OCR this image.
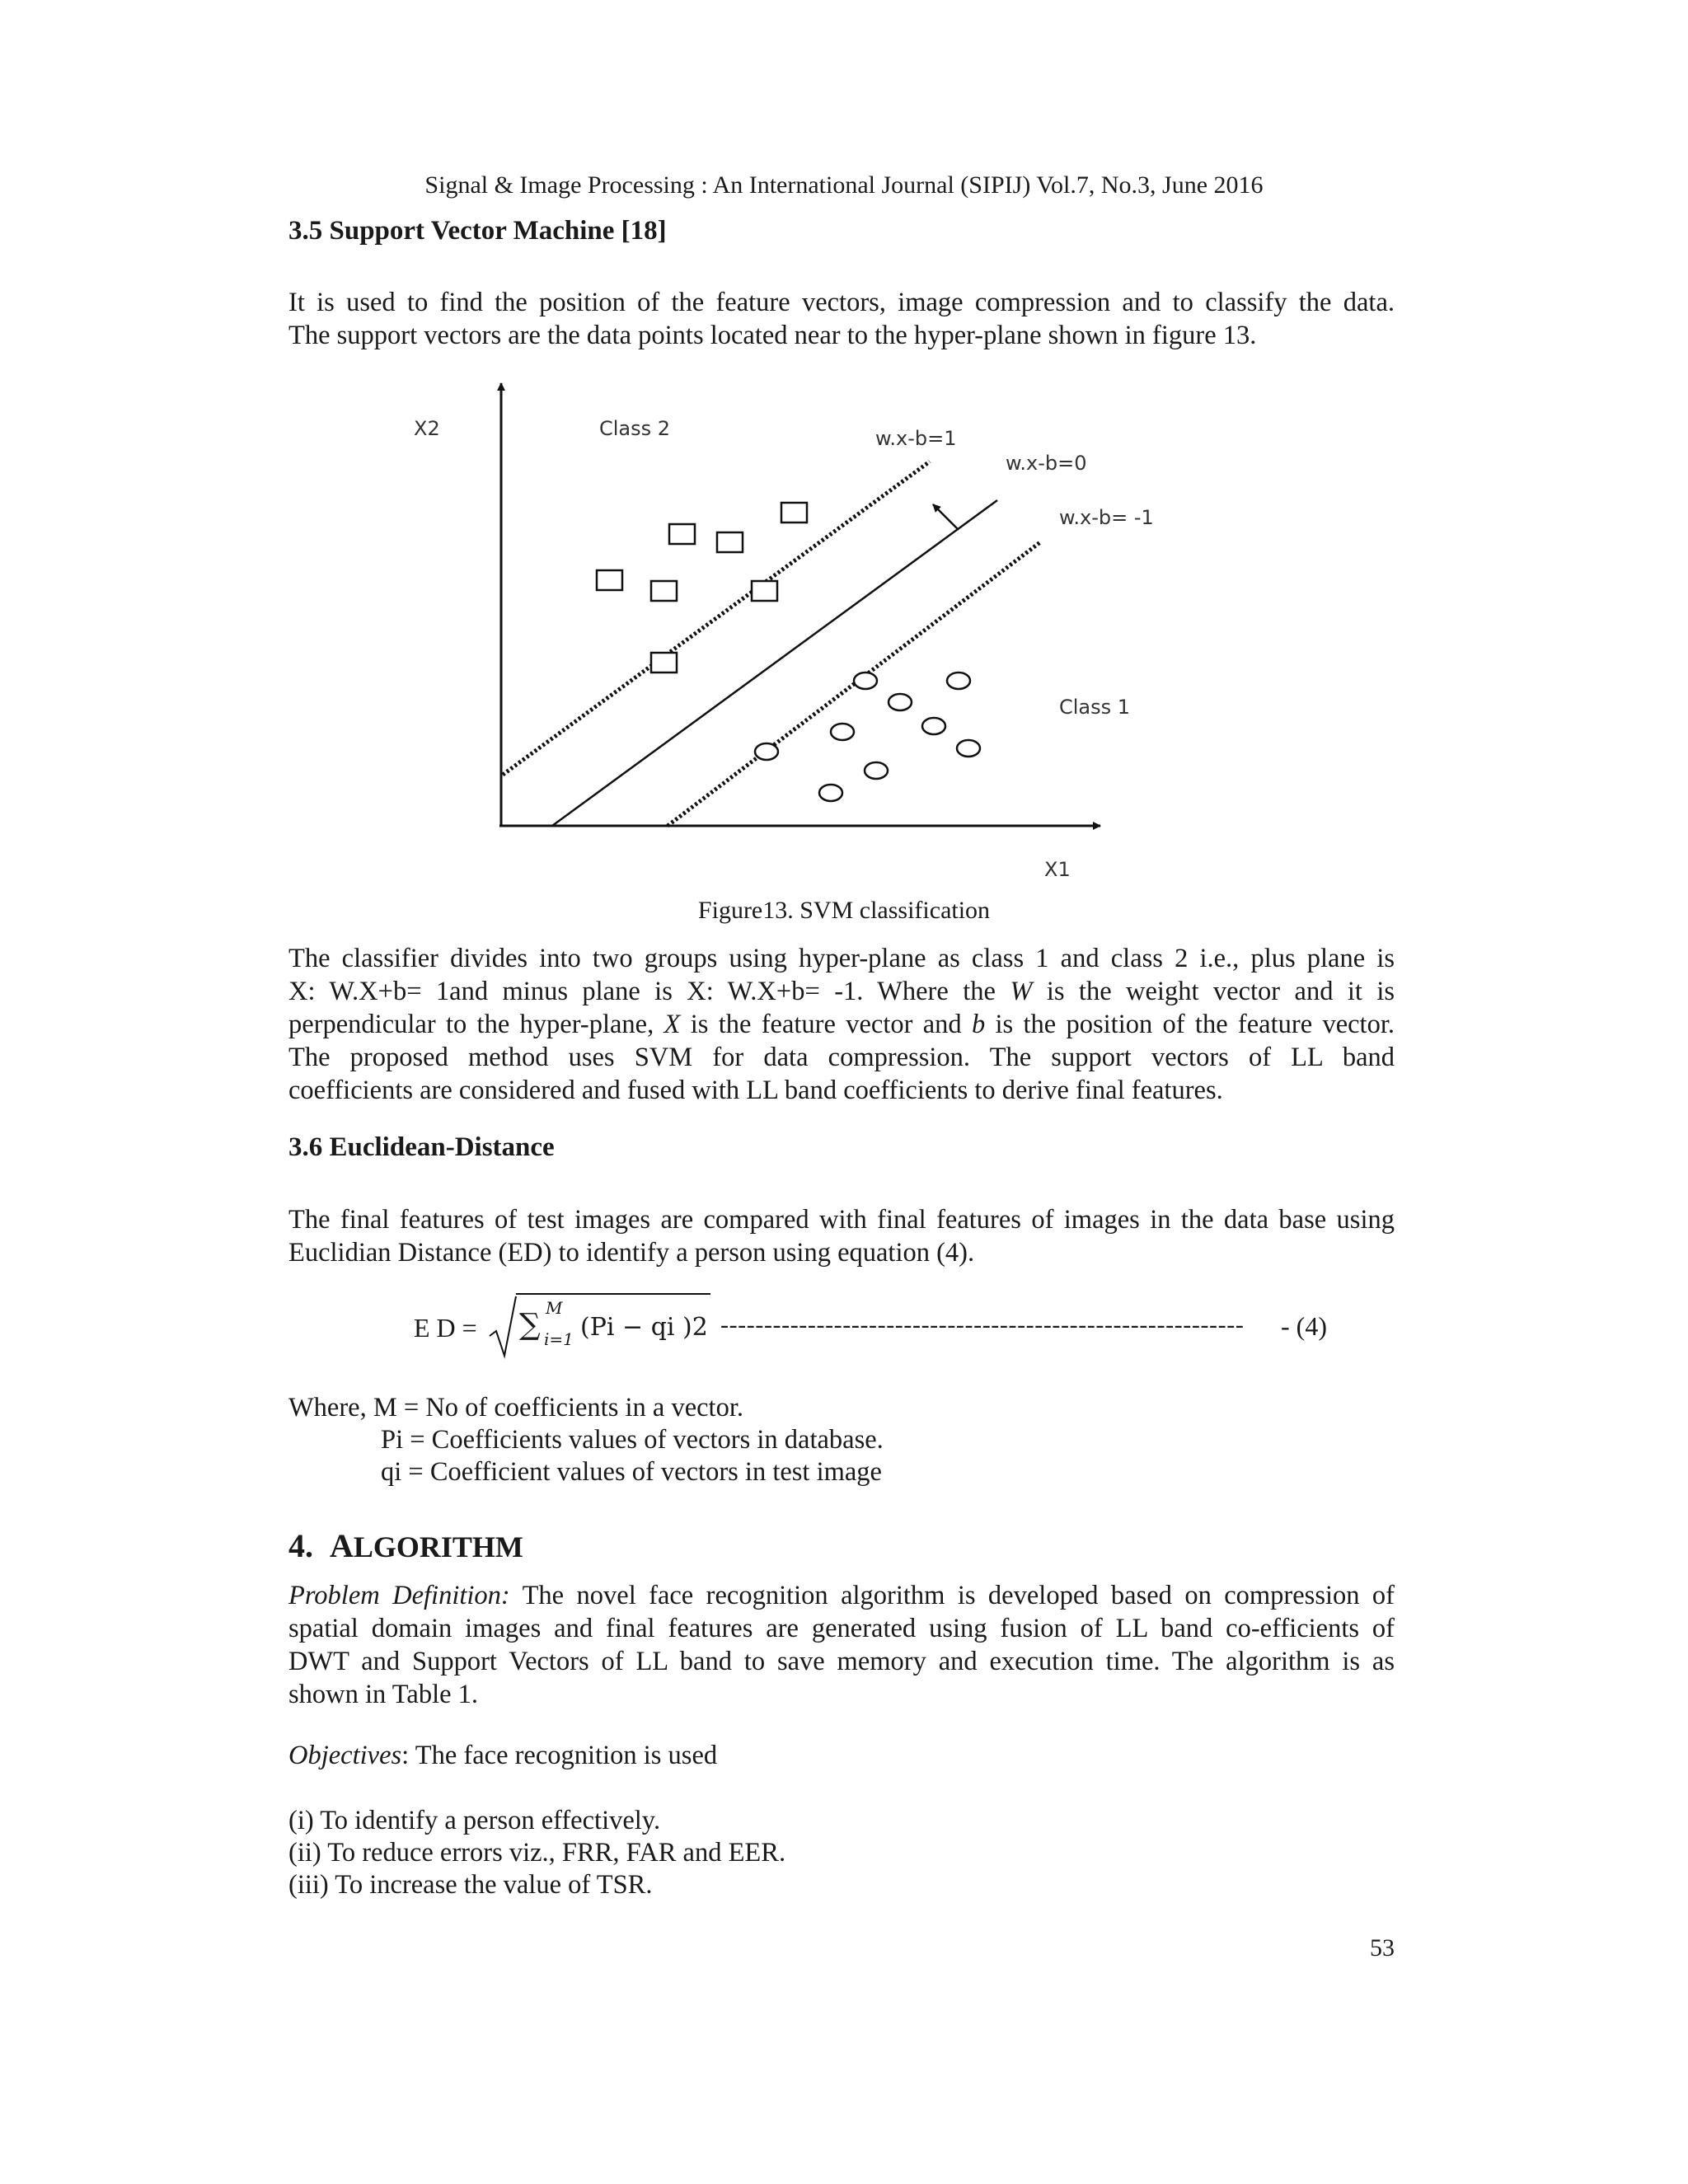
Signal & Image Processing : An International Journal (SIPIJ) Vol.7, No.3, June 2016

3.5 Support Vector Machine [18]

It is used to find the position of the feature vectors, image compression and to classify the data.
The support vectors are the data points located near to the hyper-plane shown in figure 13.

X2
X1
Class 2
Class 1
w.x-b=1
w.x-b=0
w.x-b= -1

Figure13. SVM classification

The classifier divides into two groups using hyper-plane as class 1 and class 2 i.e., plus plane is
X: W.X+b= 1and minus plane is X: W.X+b= -1. Where the W is the weight vector and it is
perpendicular to the hyper-plane, X is the feature vector and b is the position of the feature vector.
The proposed method uses SVM for data compression. The support vectors of LL band
coefficients are considered and fused with LL band coefficients to derive final features.

3.6 Euclidean-Distance

The final features of test images are compared with final features of images in the data base using
Euclidian Distance (ED) to identify a person using equation (4).

E D = ∑ M
i=1 (Pi − qi )2 ------------------------------------------------------------ - (4)

Where, M = No of coefficients in a vector.
Pi = Coefficients values of vectors in database.
qi = Coefficient values of vectors in test image

4. ALGORITHM

Problem Definition: The novel face recognition algorithm is developed based on compression of
spatial domain images and final features are generated using fusion of LL band co-efficients of
DWT and Support Vectors of LL band to save memory and execution time. The algorithm is as
shown in Table 1.

Objectives: The face recognition is used

(i) To identify a person effectively.
(ii) To reduce errors viz., FRR, FAR and EER.
(iii) To increase the value of TSR.

53
